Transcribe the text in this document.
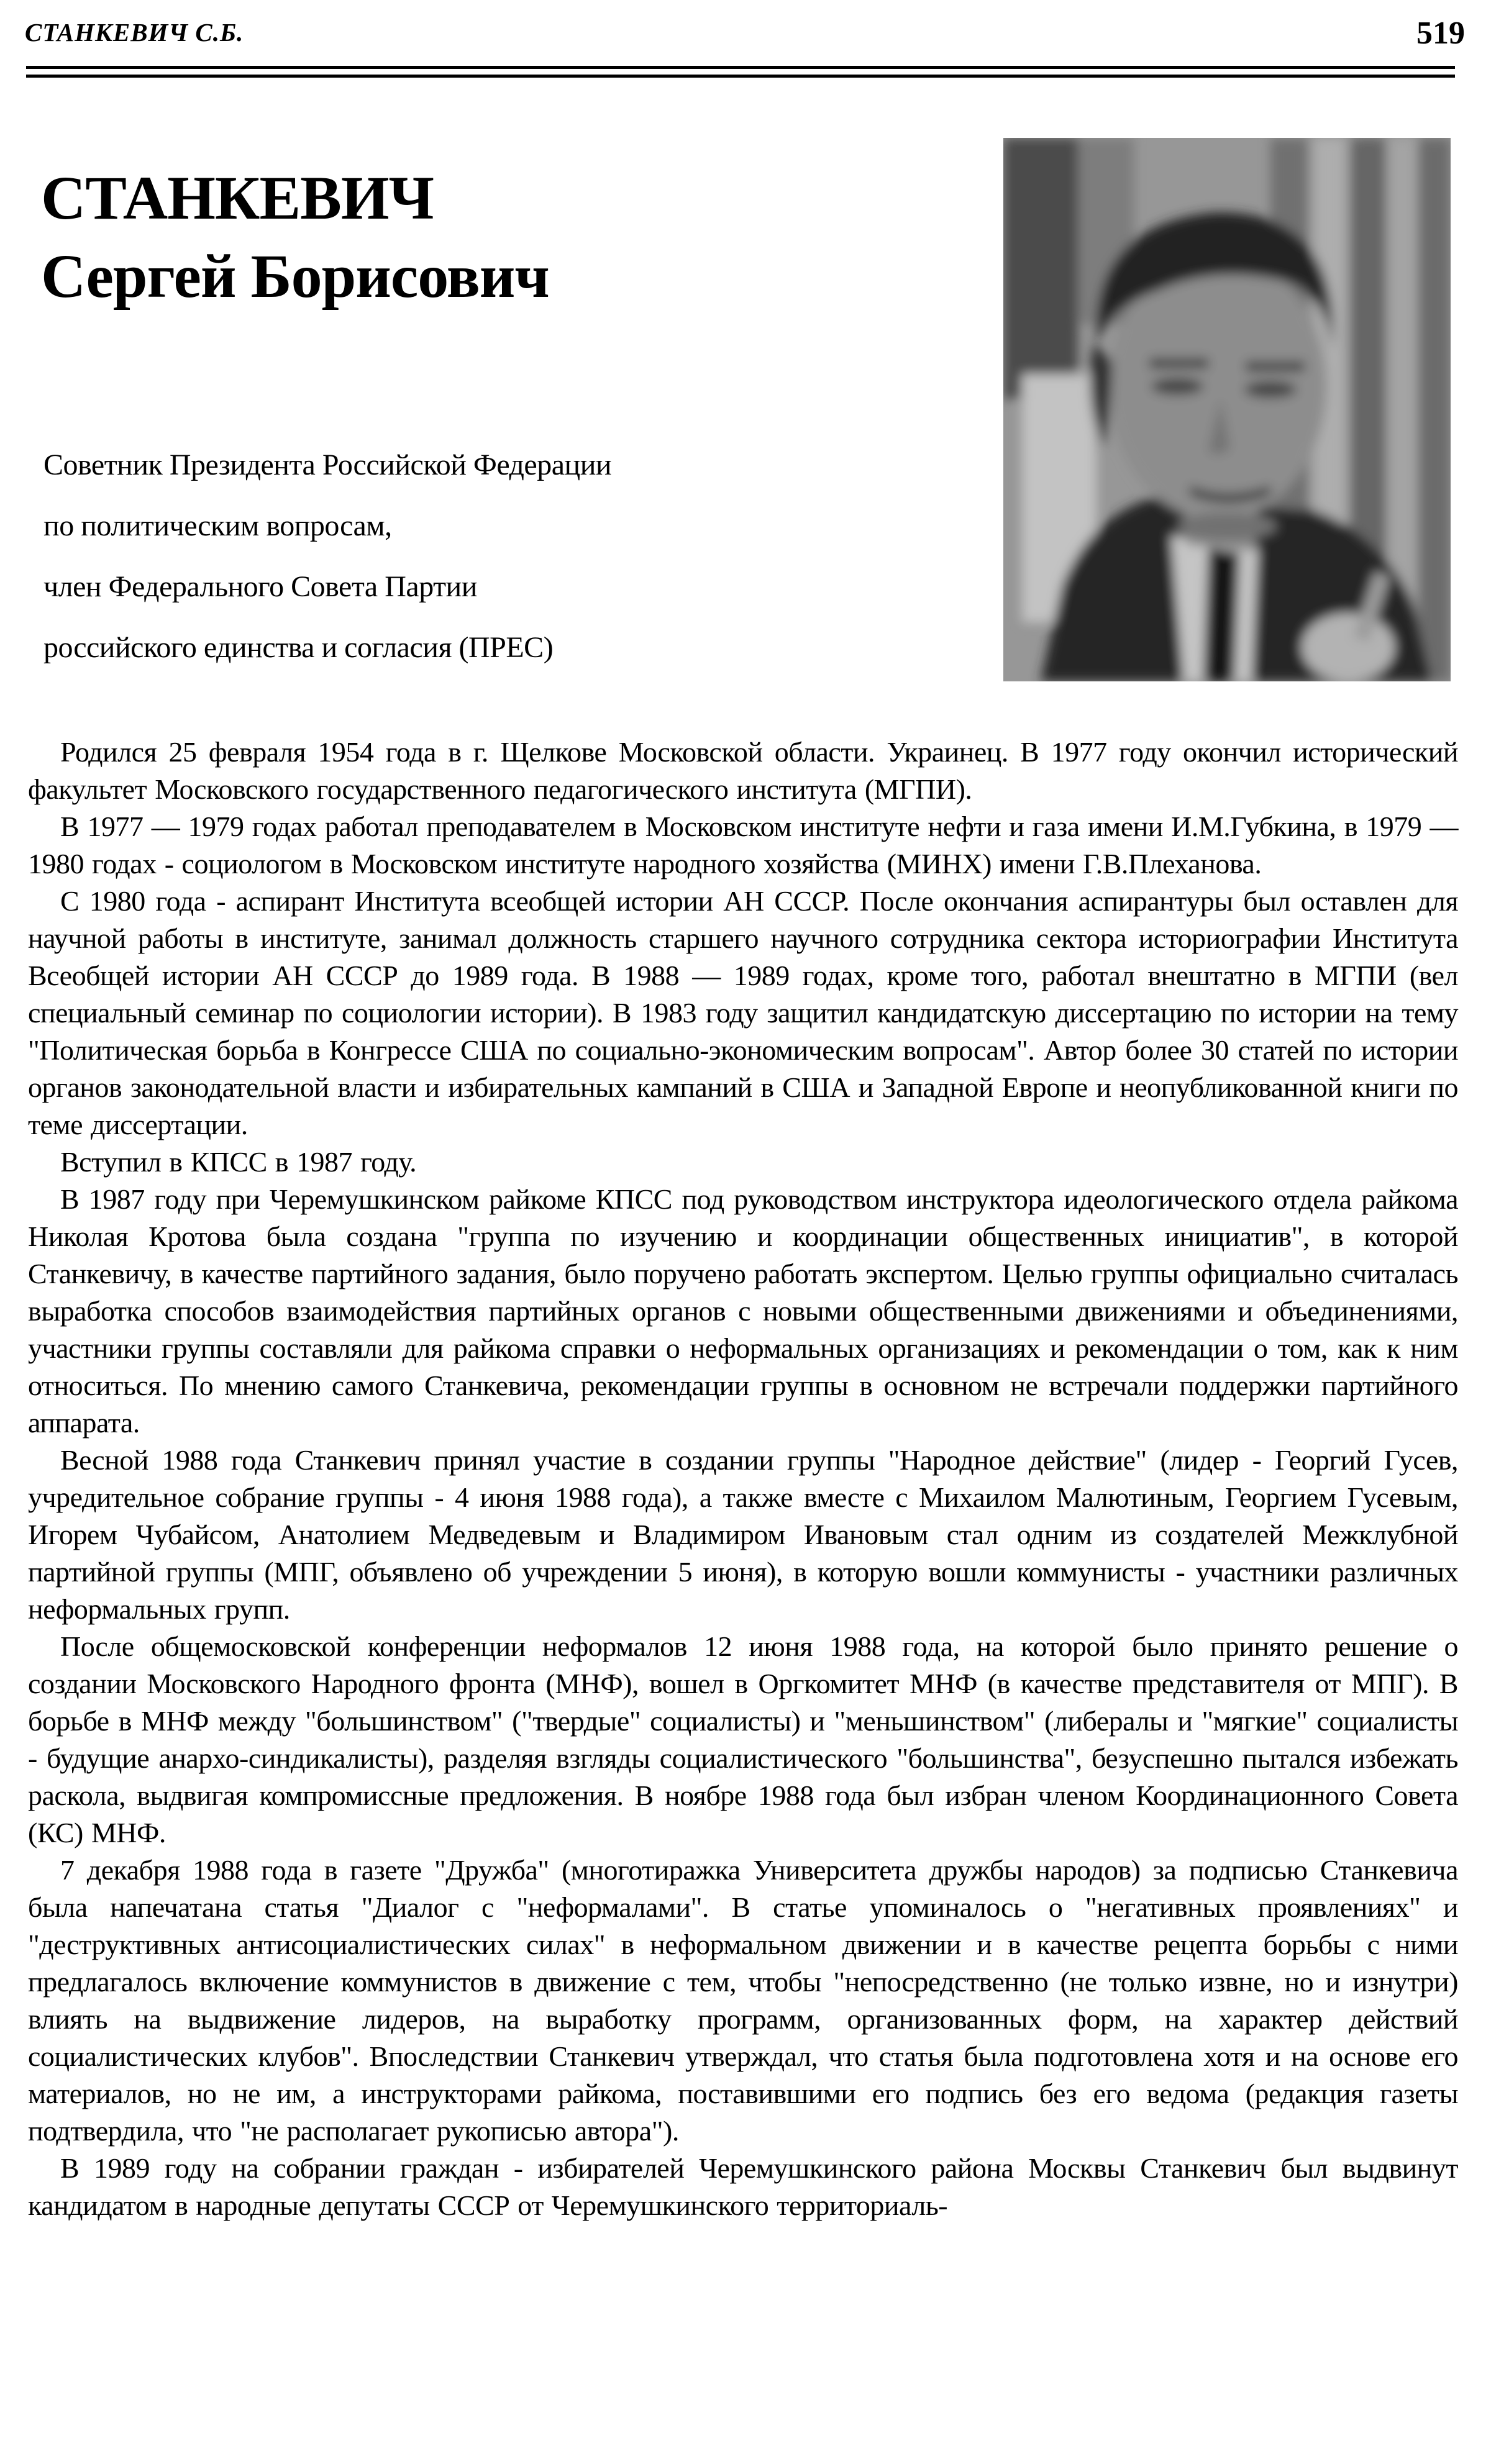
СТАНКЕВИЧ С.Б.	519
СТАНКЕВИЧ
Сергей Борисович
Советник Президента Российской Федерации
по политическим вопросам,
член Федерального Совета Партии
российского единства и согласия (ПРЕС)

Родился 25 февраля 1954 года в г. Щелкове Московской области. Украинец. В 1977 году окончил исторический факультет Московского государственного педагогического института (МГПИ).

В 1977 — 1979 годах работал преподавателем в Московском институте нефти и газа имени И.М.Губкина, в 1979 — 1980 годах - социологом в Московском институте народного хозяйства (МИНХ) имени Г.В.Плеханова.

С 1980 года - аспирант Института всеобщей истории АН СССР. После окончания аспирантуры был оставлен для научной работы в институте, занимал должность старшего научного сотрудника сектора историографии Института Всеобщей истории АН СССР до 1989 года. В 1988 — 1989 годах, кроме того, работал внештатно в МГПИ (вел специальный семинар по социологии истории). В 1983 году защитил кандидатскую диссертацию по истории на тему "Политическая борьба в Конгрессе США по социально-экономическим вопросам". Автор более 30 статей по истории органов законодательной власти и избирательных кампаний в США и Западной Европе и неопубликованной книги по теме диссертации.

Вступил в КПСС в 1987 году.

В 1987 году при Черемушкинском райкоме КПСС под руководством инструктора идеологического отдела райкома Николая Кротова была создана "группа по изучению и координации общественных инициатив", в которой Станкевичу, в качестве партийного задания, было поручено работать экспертом. Целью группы официально считалась выработка способов взаимодействия партийных органов с новыми общественными движениями и объединениями, участники группы составляли для райкома справки о неформальных организациях и рекомендации о том, как к ним относиться. По мнению самого Станкевича, рекомендации группы в основном не встречали поддержки партийного аппарата.

Весной 1988 года Станкевич принял участие в создании группы "Народное действие" (лидер - Георгий Гусев, учредительное собрание группы - 4 июня 1988 года), а также вместе с Михаилом Малютиным, Георгием Гусевым, Игорем Чубайсом, Анатолием Медведевым и Владимиром Ивановым стал одним из создателей Межклубной партийной группы (МПГ, объявлено об учреждении 5 июня), в которую вошли коммунисты - участники различных неформальных групп.

После общемосковской конференции неформалов 12 июня 1988 года, на которой было принято решение о создании Московского Народного фронта (МНФ), вошел в Оргкомитет МНФ (в качестве представителя от МПГ). В борьбе в МНФ между "большинством" ("твердые" социалисты) и "меньшинством" (либералы и "мягкие" социалисты - будущие анархо-синдикалисты), разделяя взгляды социалистического "большинства", безуспешно пытался избежать раскола, выдвигая компромиссные предложения. В ноябре 1988 года был избран членом Координационного Совета (КС) МНФ.

7 декабря 1988 года в газете "Дружба" (многотиражка Университета дружбы народов) за подписью Станкевича была напечатана статья "Диалог с "неформалами". В статье упоминалось о "негативных проявлениях" и "деструктивных антисоциалистических силах" в неформальном движении и в качестве рецепта борьбы с ними предлагалось включение коммунистов в движение с тем, чтобы "непосредственно (не только извне, но и изнутри) влиять на выдвижение лидеров, на выработку программ, организованных форм, на характер действий социалистических клубов". Впоследствии Станкевич утверждал, что статья была подготовлена хотя и на основе его материалов, но не им, а инструкторами райкома, поставившими его подпись без его ведома (редакция газеты подтвердила, что "не располагает рукописью автора").

В 1989 году на собрании граждан - избирателей Черемушкинского района Москвы Станкевич был выдвинут кандидатом в народные депутаты СССР от Черемушкинского территориаль-
